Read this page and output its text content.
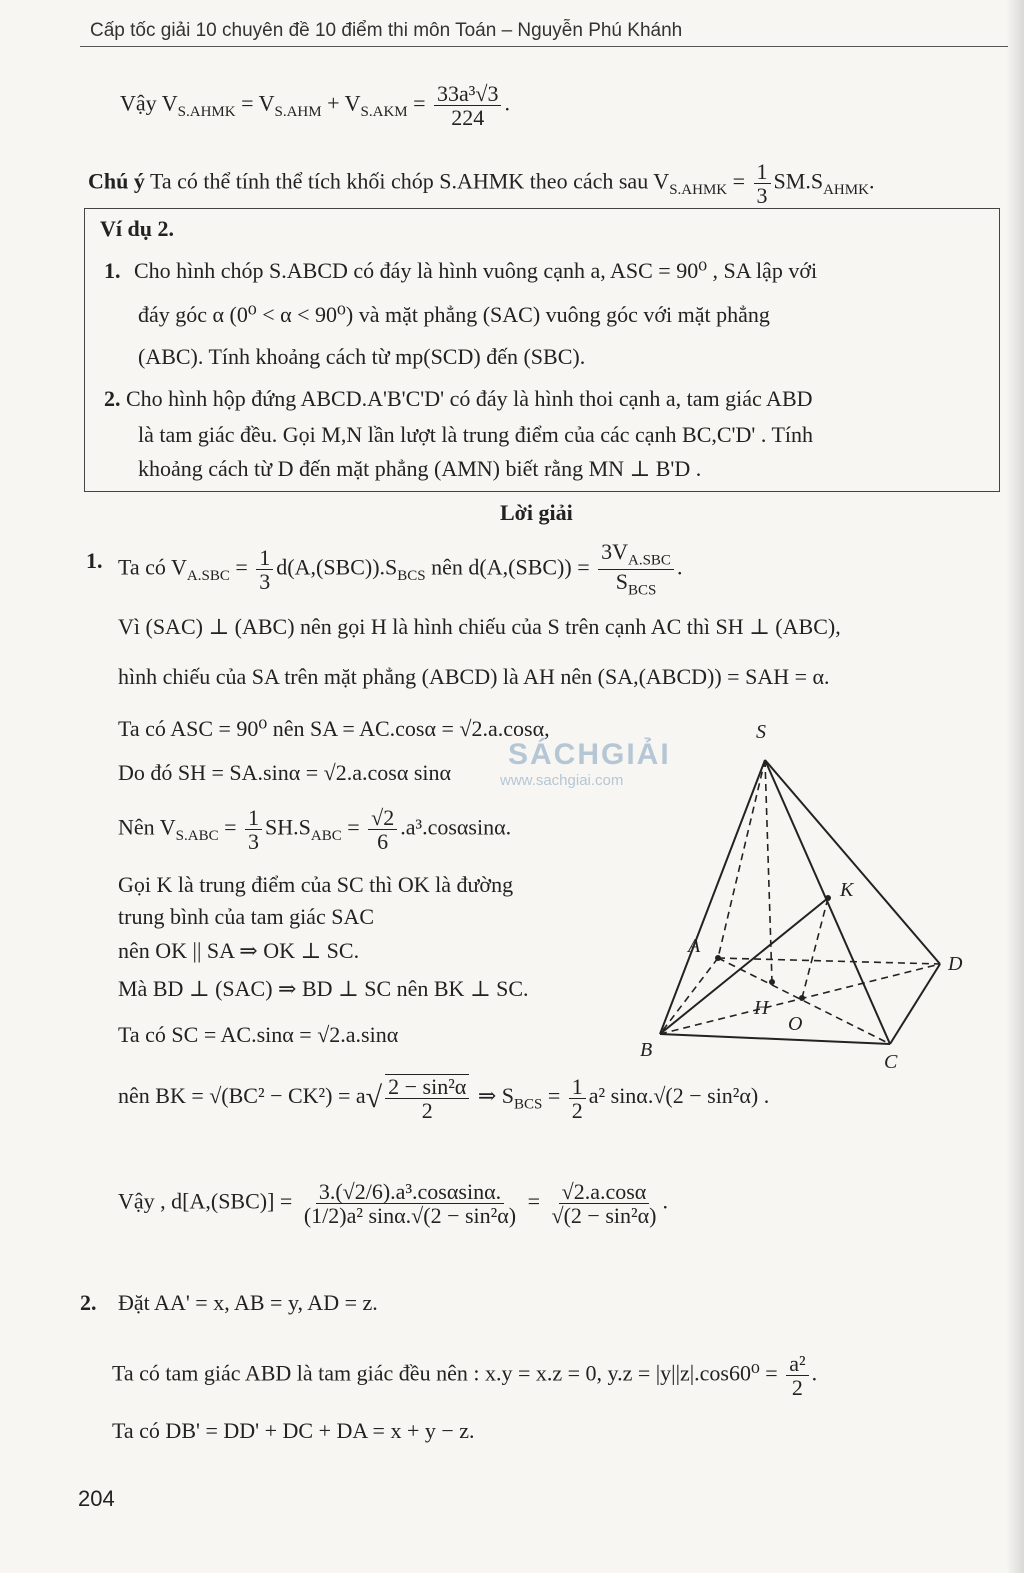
Cấp tốc giải 10 chuyên đề 10 điểm thi môn Toán – Nguyễn Phú Khánh
Vậy $V_{S.AHMK} = V_{S.AHM} + V_{S.AKM} = \frac{\text{33a³√3}}{224}$ .
Chú ý Ta có thể tính thể tích khối chóp S.AHMK theo cách sau $V_{S.AHMK} = \frac{1}{3} SM.S_{AHMK}$.
Ví dụ 2.
1. Cho hình chóp S.ABCD có đáy là hình vuông cạnh a, ASC = 90⁰ , SA lập với
đáy góc α (0⁰ < α < 90⁰) và mặt phẳng (SAC) vuông góc với mặt phẳng
(ABC). Tính khoảng cách từ mp(SCD) đến (SBC).
2. Cho hình hộp đứng ABCD.A'B'C'D' có đáy là hình thoi cạnh a, tam giác ABD
là tam giác đều. Gọi M,N lần lượt là trung điểm của các cạnh BC,C'D' . Tính
khoảng cách từ D đến mặt phẳng (AMN) biết rằng MN ⊥ B'D .
Lời giải
1. Ta có $V_{A.SBC} = \frac{1}{3} d(A,(SBC)).S_{BCS}$ nên $d(A,(SBC)) = \frac{3V_{A.SBC}}{S_{BCS}}$ .
Vì (SAC) ⊥ (ABC) nên gọi H là hình chiếu của S trên cạnh AC thì SH ⊥ (ABC),
hình chiếu của SA trên mặt phẳng (ABCD) là AH nên (SA,(ABCD)) = SAH = α.
Ta có ASC = 90⁰ nên SA = AC.cosα = √2.a.cosα,
Do đó SH = SA.sinα = √2.a.cosα sinα
Nên $V_{S.ABC} = \frac{1}{3} SH.S_{ABC} = \frac{√2}{6} .a^3.\cos\alpha\sin\alpha$.
Gọi K là trung điểm của SC thì OK là đường
trung bình của tam giác SAC
nên OK || SA ⇒ OK ⊥ SC.
Mà BD ⊥ (SAC) ⇒ BD ⊥ SC nên BK ⊥ SC.
Ta có SC = AC.sinα = √2.a.sinα
nên BK = $√(BC^2 - CK^2) = a√ \frac{\text{2 − sin²α}}{2}$ ⇒ $S_{BCS} = \frac{1}{2} a^2$ sinα.√(2 − sin²α) .
Vậy , $d[A,(SBC)] = \frac{\text{3.(√2/6).a³.cosαsinα.}}{\text{(1/2)a² sinα.√(2 − sin²α)}} = \frac{√2.a.\cos\alpha}{\text{√(2 − sin²α)}}$ .
2. Đặt AA' = x, AB = y, AD = z.
Ta có tam giác ABD là tam giác đều nên : x.y = x.z = 0, $y.z = |y||z|.\cos 60^0 = \frac{\text{a²}}{2}$ .
Ta có DB' = DD' + DC + DA = x + y − z.
S
K
A
D
H
O
B
C
SÁCHGIẢI
www.sachgiai.com
204
